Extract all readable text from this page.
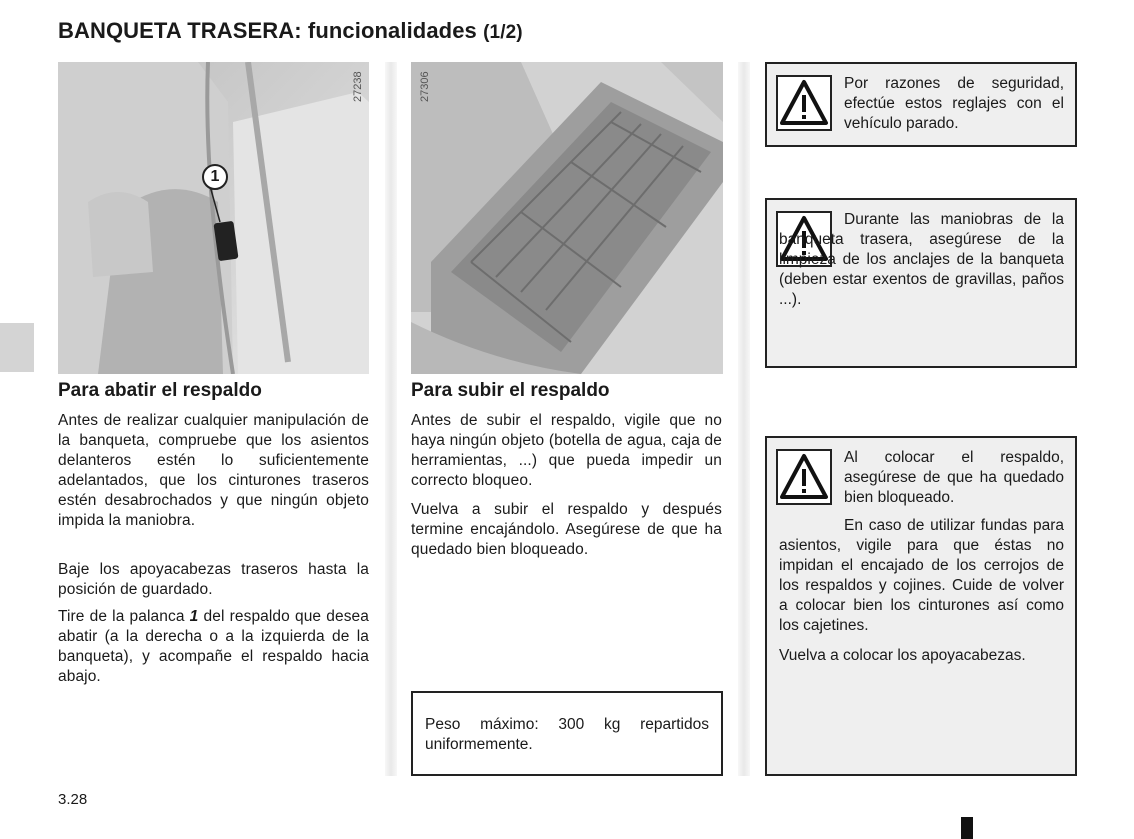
BANQUETA TRASERA: funcionalidades (1/2)
1
27238	27306
Para abatir el respaldo

Antes de realizar cualquier manipulación de la banqueta, compruebe que los asientos delanteros estén lo suficientemente adelantados, que los cinturones traseros estén desabrochados y que ningún objeto impida la maniobra.

Baje los apoyacabezas traseros hasta la posición de guardado.

Tire de la palanca 1 del respaldo que desea abatir (a la derecha o a la izquierda de la banqueta), y acompañe el respaldo hacia abajo.

Para subir el respaldo

Antes de subir el respaldo, vigile que no haya ningún objeto (botella de agua, caja de herramientas, ...) que pueda impedir un correcto bloqueo.

Vuelva a subir el respaldo y después termine encajándolo. Asegúrese de que ha quedado bien bloqueado.

Peso máximo: 300 kg repartidos uniformemente.

Por razones de seguridad, efectúe estos reglajes con el vehículo parado.

Durante las maniobras de la banqueta trasera, asegúrese de la limpieza de los anclajes de la banqueta (deben estar exentos de gravillas, paños ...).

Al colocar el respaldo, asegúrese de que ha quedado bien bloqueado.

En caso de utilizar fundas para asientos, vigile para que éstas no impidan el encajado de los cerrojos de los respaldos y cojines. Cuide de volver a colocar bien los cinturones así como los cajetines.

Vuelva a colocar los apoyacabezas.

3.28
